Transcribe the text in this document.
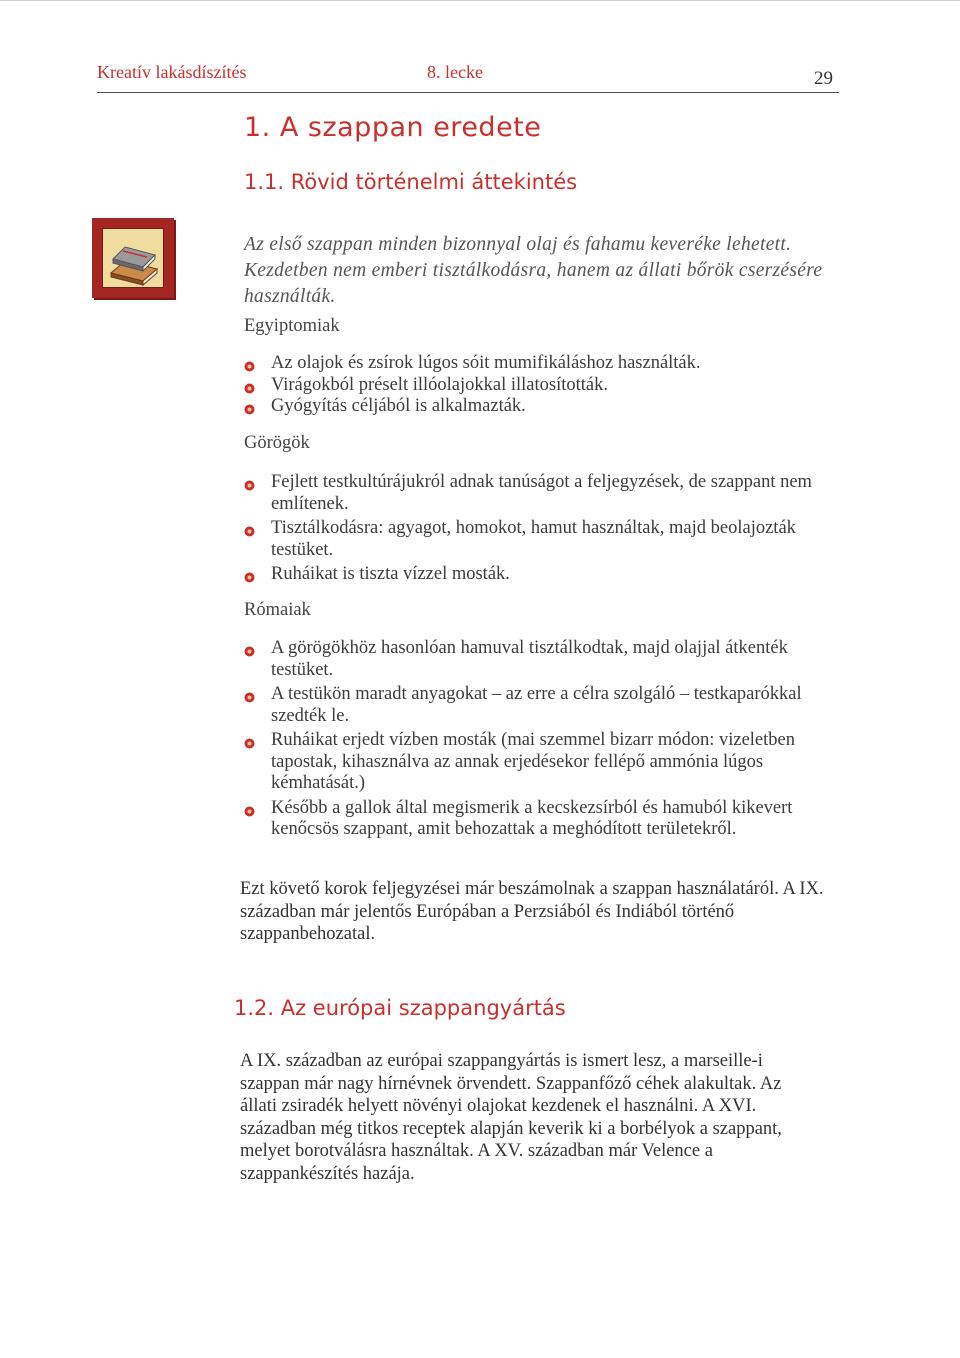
Kreatív lakásdíszítés	8. lecke	29
1. A szappan eredete
1.1. Rövid történelmi áttekintés
Az első szappan minden bizonnyal olaj és fahamu keveréke lehetett. Kezdetben nem emberi tisztálkodásra, hanem az állati bőrök cserzésére használták.
Egyiptomiak
Az olajok és zsírok lúgos sóit mumifikáláshoz használták.
Virágokból préselt illóolajokkal illatosították.
Gyógyítás céljából is alkalmazták.
Görögök
Fejlett testkultúrájukról adnak tanúságot a feljegyzések, de szappant nem említenek.
Tisztálkodásra: agyagot, homokot, hamut használtak, majd beolajozták testüket.
Ruháikat is tiszta vízzel mosták.
Rómaiak
A görögökhöz hasonlóan hamuval tisztálkodtak, majd olajjal átkenték testüket.
A testükön maradt anyagokat – az erre a célra szolgáló – testkaparókkal szedték le.
Ruháikat erjedt vízben mosták (mai szemmel bizarr módon: vizeletben tapostak, kihasználva az annak erjedésekor fellépő ammónia lúgos kémhatását.)
Később a gallok által megismerik a kecskezsírból és hamuból kikevert kenőcsös szappant, amit behozattak a meghódított területekről.
Ezt követő korok feljegyzései már beszámolnak a szappan használatáról. A IX. században már jelentős Európában a Perzsiából és Indiából történő szappanbehozatal.
1.2. Az európai szappangyártás
A IX. században az európai szappangyártás is ismert lesz, a marseille-i szappan már nagy hírnévnek örvendett. Szappanfőző céhek alakultak. Az állati zsiradék helyett növényi olajokat kezdenek el használni. A XVI. században még titkos receptek alapján keverik ki a borbélyok a szappant, melyet borotválásra használtak. A XV. században már Velence a szappankészítés hazája.
